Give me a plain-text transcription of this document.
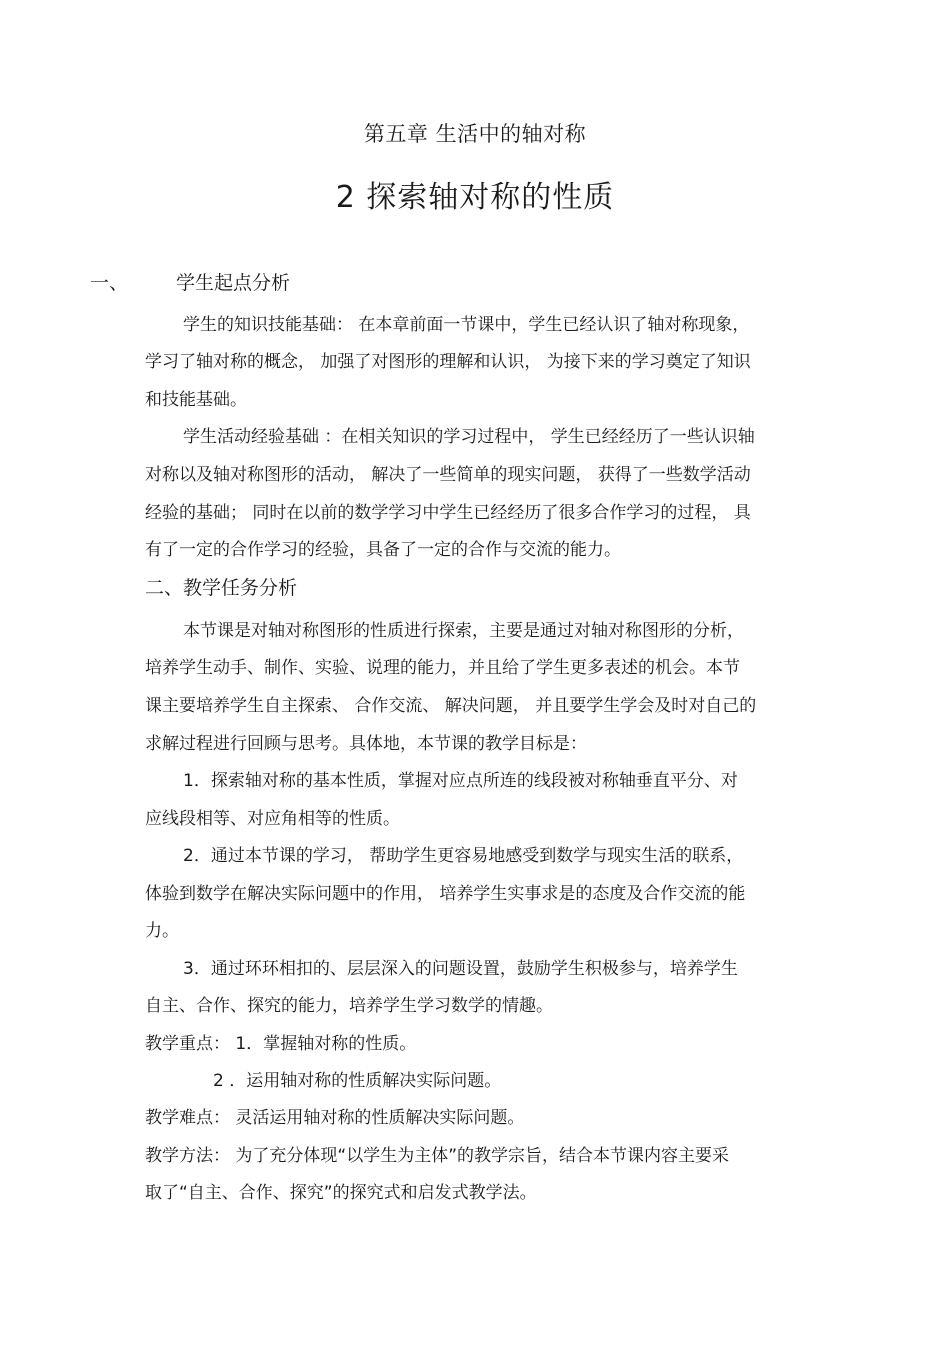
第五章 生活中的轴对称
2 探索轴对称的性质
一、	学生起点分析
学生的知识技能基础： 在本章前面一节课中，学生已经认识了轴对称现象，
学习了轴对称的概念， 加强了对图形的理解和认识， 为接下来的学习奠定了知识
和技能基础。
学生活动经验基础 ：在相关知识的学习过程中， 学生已经经历了一些认识轴
对称以及轴对称图形的活动， 解决了一些简单的现实问题， 获得了一些数学活动
经验的基础； 同时在以前的数学学习中学生已经经历了很多合作学习的过程， 具
有了一定的合作学习的经验，具备了一定的合作与交流的能力。
二、教学任务分析
本节课是对轴对称图形的性质进行探索，主要是通过对轴对称图形的分析，
培养学生动手、制作、实验、说理的能力，并且给了学生更多表述的机会。本节
课主要培养学生自主探索、 合作交流、 解决问题， 并且要学生学会及时对自己的
求解过程进行回顾与思考。具体地，本节课的教学目标是：
1．探索轴对称的基本性质，掌握对应点所连的线段被对称轴垂直平分、对
应线段相等、对应角相等的性质。
2．通过本节课的学习， 帮助学生更容易地感受到数学与现实生活的联系，
体验到数学在解决实际问题中的作用， 培养学生实事求是的态度及合作交流的能
力。
3．通过环环相扣的、层层深入的问题设置，鼓励学生积极参与，培养学生
自主、合作、探究的能力，培养学生学习数学的情趣。
教学重点： 1．掌握轴对称的性质。
2 ．运用轴对称的性质解决实际问题。
教学难点： 灵活运用轴对称的性质解决实际问题。
教学方法： 为了充分体现“以学生为主体”的教学宗旨，结合本节课内容主要采
取了“自主、合作、探究”的探究式和启发式教学法。
